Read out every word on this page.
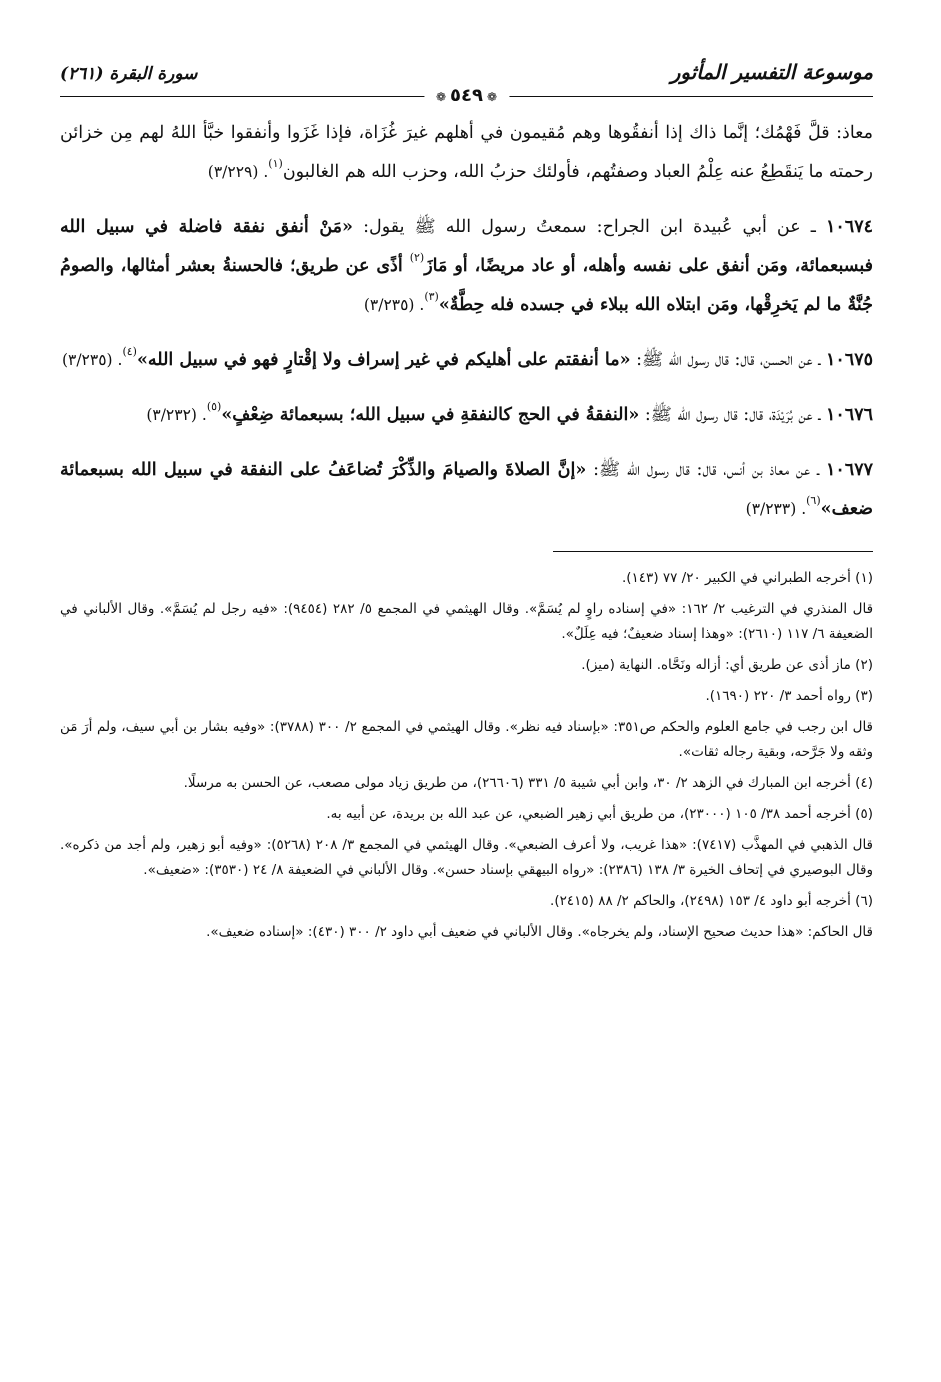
موسوعة التفسير المأثور
سورة البقرة (٢٦١)
❁٥٤٩❁

معاذ: قلَّ فَهْمُك؛ إنَّما ذاك إذا أنفقُوها وهم مُقيمون في أهلهم غيرَ غُزَاة، فإذا غَزَوا وأنفقوا خبَّأ اللهُ لهم مِن خزائن رحمته ما يَنقَطِعُ عنه عِلْمُ العباد وصفتُهم، فأولئك حزبُ الله، وحزب الله هم الغالبون$^{(١)}$. (٣/٢٢٩)

١٠٦٧٤ ـ عن أبي عُبيدة ابن الجراح: سمعتُ رسول الله ﷺ يقول: «مَنْ أنفق نفقة فاضلة في سبيل الله فبسبعمائة، ومَن أنفق على نفسه وأهله، أو عاد مريضًا، أو مَازَ$^{(٢)}$ أذًى عن طريق؛ فالحسنةُ بعشر أمثالها، والصومُ جُنَّةٌ ما لم يَخرِقْها، ومَن ابتلاه الله ببلاء في جسده فله حِطَّةٌ»$^{(٣)}$. (٣/٢٣٥)

١٠٦٧٥ ـ عن الحسن، قال: قال رسول الله ﷺ: «ما أنفقتم على أهليكم في غير إسراف ولا إقْتارٍ فهو في سبيل الله»$^{(٤)}$. (٣/٢٣٥)

١٠٦٧٦ ـ عن بُرَيْدَة، قال: قال رسول الله ﷺ: «النفقةُ في الحج كالنفقةِ في سبيل الله؛ بسبعمائة ضِعْفٍ»$^{(٥)}$. (٣/٢٣٢)

١٠٦٧٧ ـ عن معاذ بن أنس، قال: قال رسول الله ﷺ: «إنَّ الصلاةَ والصيامَ والذِّكْرَ تُضاعَفُ على النفقة في سبيل الله بسبعمائة ضعف»$^{(٦)}$. (٣/٢٣٣)

(١) أخرجه الطبراني في الكبير ٢٠/ ٧٧ (١٤٣).

قال المنذري في الترغيب ٢/ ١٦٢: «في إسناده راوٍ لم يُسَمَّ». وقال الهيثمي في المجمع ٥/ ٢٨٢ (٩٤٥٤): «فيه رجل لم يُسَمَّ». وقال الألباني في الضعيفة ٦/ ١١٧ (٢٦١٠): «وهذا إسناد ضعيفٌ؛ فيه عِلَلٌ».

(٢) ماز أذى عن طريق أي: أزاله ونَحَّاه. النهاية (ميز).

(٣) رواه أحمد ٣/ ٢٢٠ (١٦٩٠).

قال ابن رجب في جامع العلوم والحكم ص٣٥١: «بإسناد فيه نظر». وقال الهيثمي في المجمع ٢/ ٣٠٠ (٣٧٨٨): «وفيه بشار بن أبي سيف، ولم أرَ مَن وثقه ولا جَرَّحه، وبقية رجاله ثقات».

(٤) أخرجه ابن المبارك في الزهد ٢/ ٣٠، وابن أبي شيبة ٥/ ٣٣١ (٢٦٦٠٦)، من طريق زياد مولى مصعب، عن الحسن به مرسلًا.

(٥) أخرجه أحمد ٣٨/ ١٠٥ (٢٣٠٠٠)، من طريق أبي زهير الضبعي، عن عبد الله بن بريدة، عن أبيه به.

قال الذهبي في المهذَّب (٧٤١٧): «هذا غريب، ولا أعرف الضبعي». وقال الهيثمي في المجمع ٣/ ٢٠٨ (٥٢٦٨): «وفيه أبو زهير، ولم أجد من ذكره». وقال البوصيري في إتحاف الخيرة ٣/ ١٣٨ (٢٣٨٦): «رواه البيهقي بإسناد حسن». وقال الألباني في الضعيفة ٨/ ٢٤ (٣٥٣٠): «ضعيف».

(٦) أخرجه أبو داود ٤/ ١٥٣ (٢٤٩٨)، والحاكم ٢/ ٨٨ (٢٤١٥).

قال الحاكم: «هذا حديث صحيح الإسناد، ولم يخرجاه». وقال الألباني في ضعيف أبي داود ٢/ ٣٠٠ (٤٣٠): «إسناده ضعيف».
